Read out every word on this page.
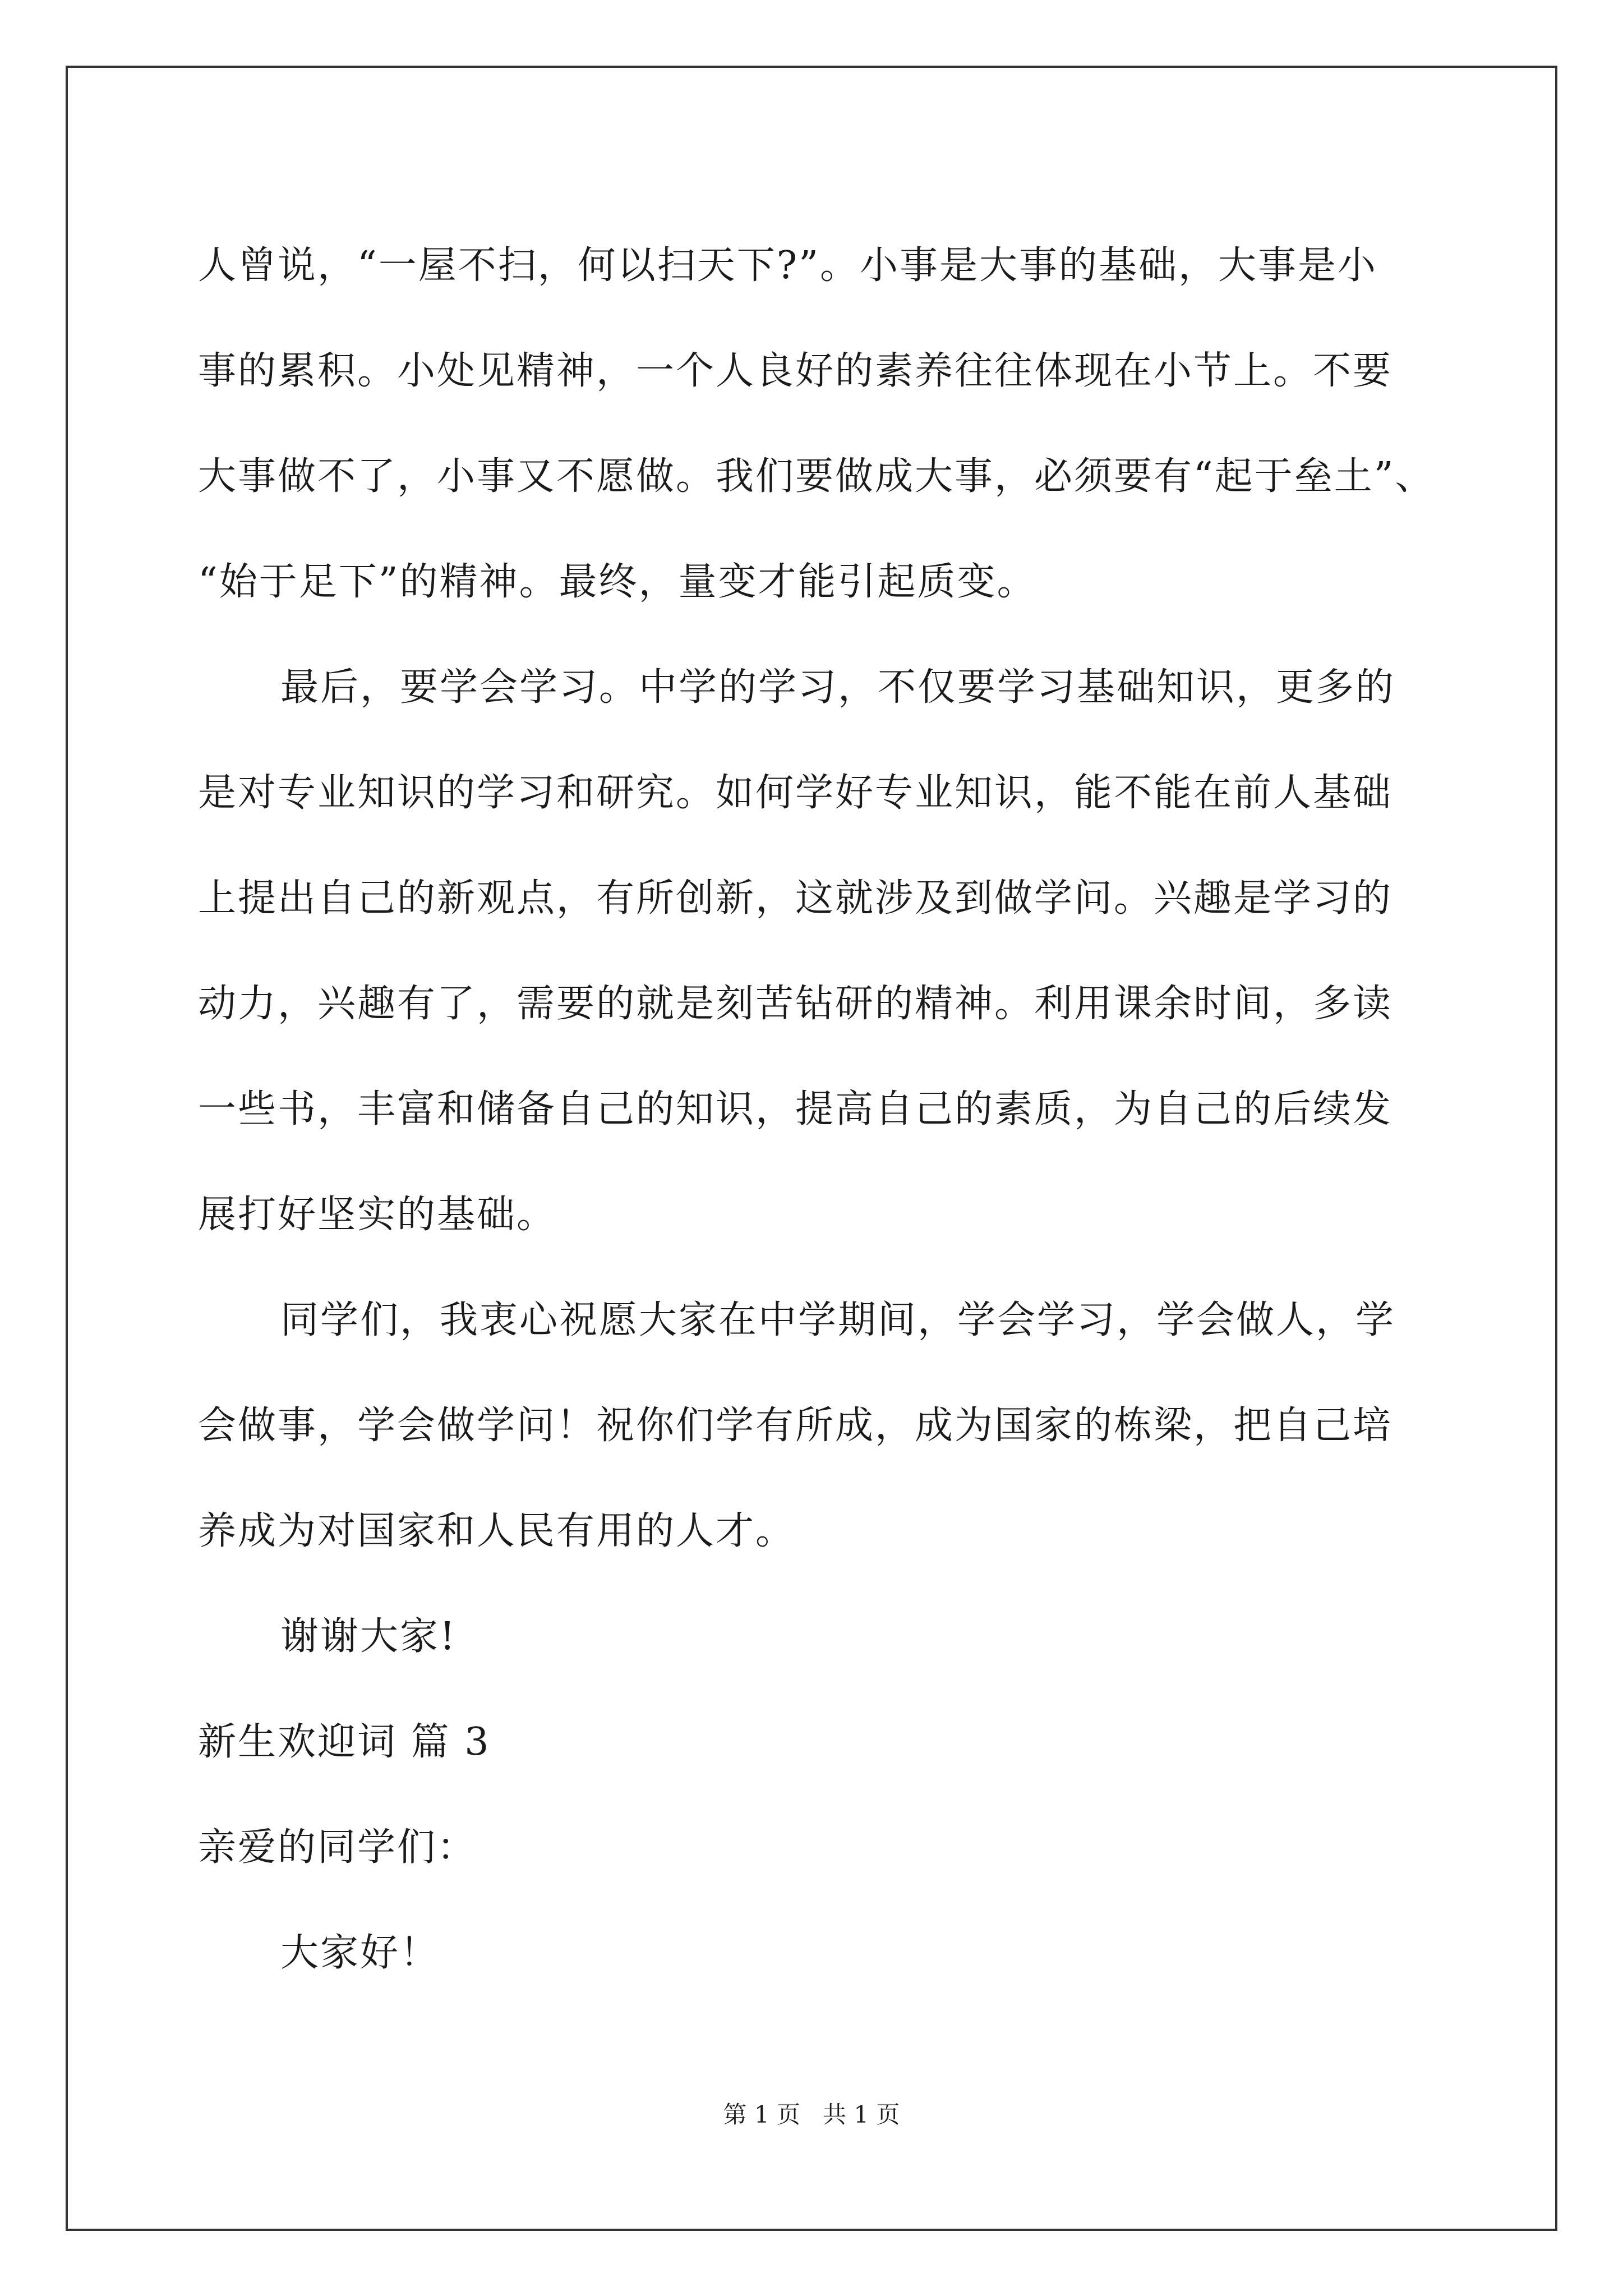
人曾说，“一屋不扫，何以扫天下?”。小事是大事的基础，大事是小
事的累积。小处见精神，一个人良好的素养往往体现在小节上。不要
大事做不了，小事又不愿做。我们要做成大事，必须要有“起于垒土”、
“始于足下”的精神。最终，量变才能引起质变。
最后，要学会学习。中学的学习，不仅要学习基础知识，更多的
是对专业知识的学习和研究。如何学好专业知识，能不能在前人基础
上提出自己的新观点，有所创新，这就涉及到做学问。兴趣是学习的
动力，兴趣有了，需要的就是刻苦钻研的精神。利用课余时间，多读
一些书，丰富和储备自己的知识，提高自己的素质，为自己的后续发
展打好坚实的基础。
同学们，我衷心祝愿大家在中学期间，学会学习，学会做人，学
会做事，学会做学问！祝你们学有所成，成为国家的栋梁，把自己培
养成为对国家和人民有用的人才。
谢谢大家!
新生欢迎词 篇 3
亲爱的同学们：
大家好！
第 1 页   共 1 页
